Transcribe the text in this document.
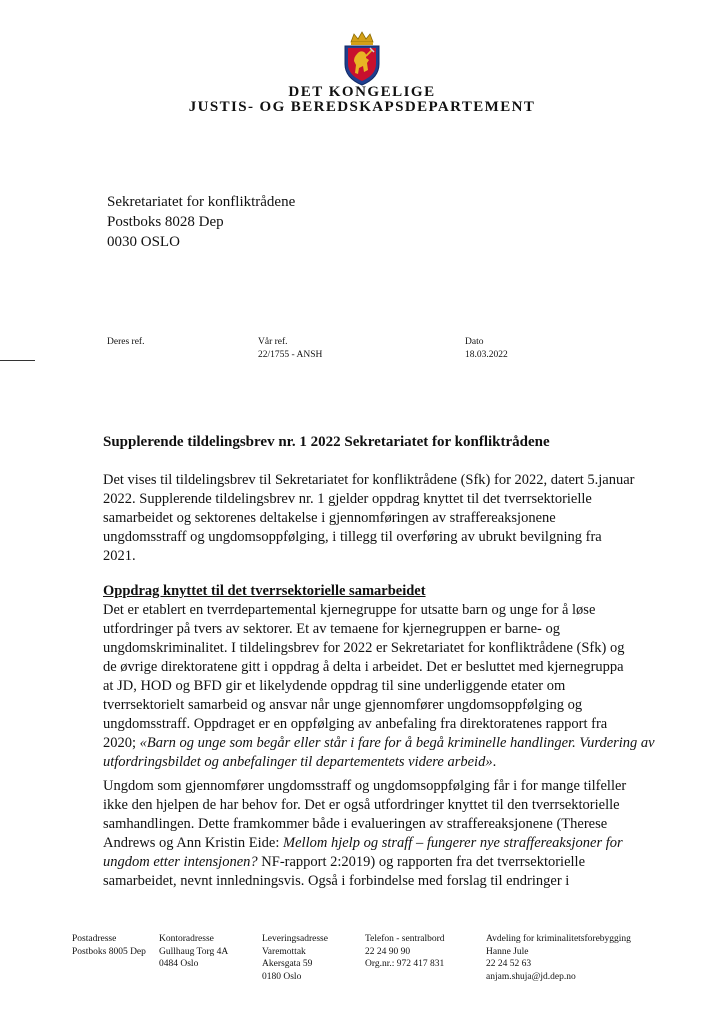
DET KONGELIGE
JUSTIS- OG BEREDSKAPSDEPARTEMENT
Sekretariatet for konfliktrådene
Postboks 8028 Dep
0030 OSLO
Deres ref.	Vår ref.
22/1755 - ANSH
Dato
18.03.2022
Supplerende tildelingsbrev nr. 1 2022 Sekretariatet for konfliktrådene
Det vises til tildelingsbrev til Sekretariatet for konfliktrådene (Sfk) for 2022, datert 5.januar
2022. Supplerende tildelingsbrev nr. 1 gjelder oppdrag knyttet til det tverrsektorielle
samarbeidet og sektorenes deltakelse i gjennomføringen av straffereaksjonene
ungdomsstraff og ungdomsoppfølging, i tillegg til overføring av ubrukt bevilgning fra
2021.
Oppdrag knyttet til det tverrsektorielle samarbeidet
Det er etablert en tverrdepartemental kjernegruppe for utsatte barn og unge for å løse
utfordringer på tvers av sektorer. Et av temaene for kjernegruppen er barne- og
ungdomskriminalitet. I tildelingsbrev for 2022 er Sekretariatet for konfliktrådene (Sfk) og
de øvrige direktoratene gitt i oppdrag å delta i arbeidet. Det er besluttet med kjernegruppa
at JD, HOD og BFD gir et likelydende oppdrag til sine underliggende etater om
tverrsektorielt samarbeid og ansvar når unge gjennomfører ungdomsoppfølging og
ungdomsstraff. Oppdraget er en oppfølging av anbefaling fra direktoratenes rapport fra
2020; «Barn og unge som begår eller står i fare for å begå kriminelle handlinger. Vurdering av
utfordringsbildet og anbefalinger til departementets videre arbeid».
Ungdom som gjennomfører ungdomsstraff og ungdomsoppfølging får i for mange tilfeller
ikke den hjelpen de har behov for. Det er også utfordringer knyttet til den tverrsektorielle
samhandlingen. Dette framkommer både i evalueringen av straffereaksjonene (Therese
Andrews og Ann Kristin Eide: Mellom hjelp og straff – fungerer nye straffereaksjoner for
ungdom etter intensjonen? NF-rapport 2:2019) og rapporten fra det tverrsektorielle
samarbeidet, nevnt innledningsvis. Også i forbindelse med forslag til endringer i
Postadresse
Postboks 8005 Dep
Kontoradresse
Gullhaug Torg 4A
0484 Oslo
Leveringsadresse
Varemottak
Akersgata 59
0180 Oslo
Telefon - sentralbord
22 24 90 90
Org.nr.: 972 417 831
Avdeling for kriminalitetsforebygging
Hanne Jule
22 24 52 63
anjam.shuja@jd.dep.no
